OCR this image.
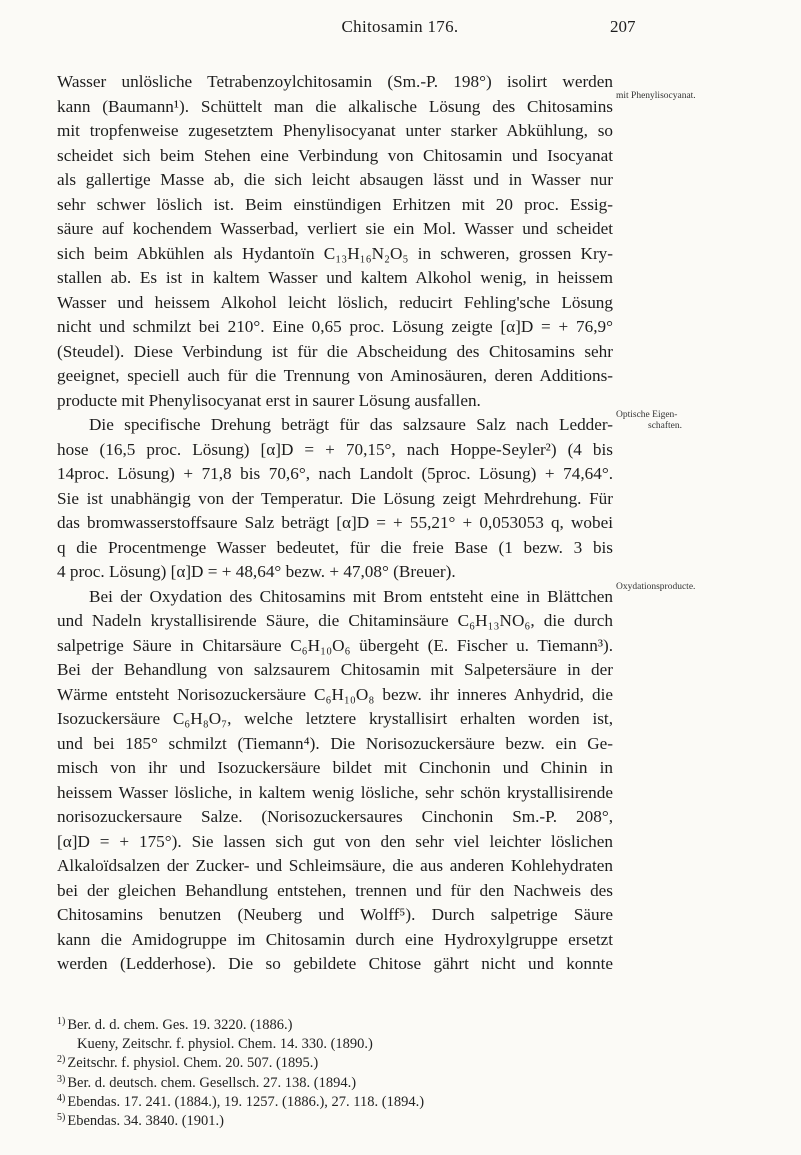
Chitosamin 176.	207
Wasser unlösliche Tetrabenzoylchitosamin (Sm.-P. 198°) isolirt werden
kann (Baumann¹). Schüttelt man die alkalische Lösung des Chitosamins
mit tropfenweise zugesetztem Phenylisocyanat unter starker Abkühlung, so
scheidet sich beim Stehen eine Verbindung von Chitosamin und Isocyanat
als gallertige Masse ab, die sich leicht absaugen lässt und in Wasser nur
sehr schwer löslich ist. Beim einstündigen Erhitzen mit 20 proc. Essig-
säure auf kochendem Wasserbad, verliert sie ein Mol. Wasser und scheidet
sich beim Abkühlen als Hydantoïn C₁₃H₁₆N₂O₅ in schweren, grossen Kry-
stallen ab. Es ist in kaltem Wasser und kaltem Alkohol wenig, in heissem
Wasser und heissem Alkohol leicht löslich, reducirt Fehling'sche Lösung
nicht und schmilzt bei 210°. Eine 0,65 proc. Lösung zeigte [α]D = + 76,9°
(Steudel). Diese Verbindung ist für die Abscheidung des Chitosamins sehr
geeignet, speciell auch für die Trennung von Aminosäuren, deren Additions-
producte mit Phenylisocyanat erst in saurer Lösung ausfallen.
Die specifische Drehung beträgt für das salzsaure Salz nach Ledder-
hose (16,5 proc. Lösung) [α]D = + 70,15°, nach Hoppe-Seyler²) (4 bis
14proc. Lösung) + 71,8 bis 70,6°, nach Landolt (5proc. Lösung) + 74,64°.
Sie ist unabhängig von der Temperatur. Die Lösung zeigt Mehrdrehung. Für
das bromwasserstoffsaure Salz beträgt [α]D = + 55,21° + 0,053053 q, wobei
q die Procentmenge Wasser bedeutet, für die freie Base (1 bezw. 3 bis
4 proc. Lösung) [α]D = + 48,64° bezw. + 47,08° (Breuer).
Bei der Oxydation des Chitosamins mit Brom entsteht eine in Blättchen
und Nadeln krystallisirende Säure, die Chitaminsäure C₆H₁₃NO₆, die durch
salpetrige Säure in Chitarsäure C₆H₁₀O₆ übergeht (E. Fischer u. Tiemann³).
Bei der Behandlung von salzsaurem Chitosamin mit Salpetersäure in der
Wärme entsteht Norisozuckersäure C₆H₁₀O₈ bezw. ihr inneres Anhydrid, die
Isozuckersäure C₆H₈O₇, welche letztere krystallisirt erhalten worden ist,
und bei 185° schmilzt (Tiemann⁴). Die Norisozuckersäure bezw. ein Ge-
misch von ihr und Isozuckersäure bildet mit Cinchonin und Chinin in
heissem Wasser lösliche, in kaltem wenig lösliche, sehr schön krystallisirende
norisozuckersaure Salze. (Norisozuckersaures Cinchonin Sm.-P. 208°,
[α]D = + 175°). Sie lassen sich gut von den sehr viel leichter löslichen
Alkaloïdsalzen der Zucker- und Schleimsäure, die aus anderen Kohlehydraten
bei der gleichen Behandlung entstehen, trennen und für den Nachweis des
Chitosamins benutzen (Neuberg und Wolff⁵). Durch salpetrige Säure
kann die Amidogruppe im Chitosamin durch eine Hydroxylgruppe ersetzt
werden (Ledderhose). Die so gebildete Chitose gährt nicht und konnte
mit Phenylisocyanat.
Optische Eigen-
schaften.
Oxydationsproducte.
$^{1)}$ Ber. d. d. chem. Ges. 19. 3220. (1886.)
Kueny, Zeitschr. f. physiol. Chem. 14. 330. (1890.)
$^{2)}$ Zeitschr. f. physiol. Chem. 20. 507. (1895.)
$^{3)}$ Ber. d. deutsch. chem. Gesellsch. 27. 138. (1894.)
$^{4)}$ Ebendas. 17. 241. (1884.), 19. 1257. (1886.), 27. 118. (1894.)
$^{5)}$ Ebendas. 34. 3840. (1901.)
